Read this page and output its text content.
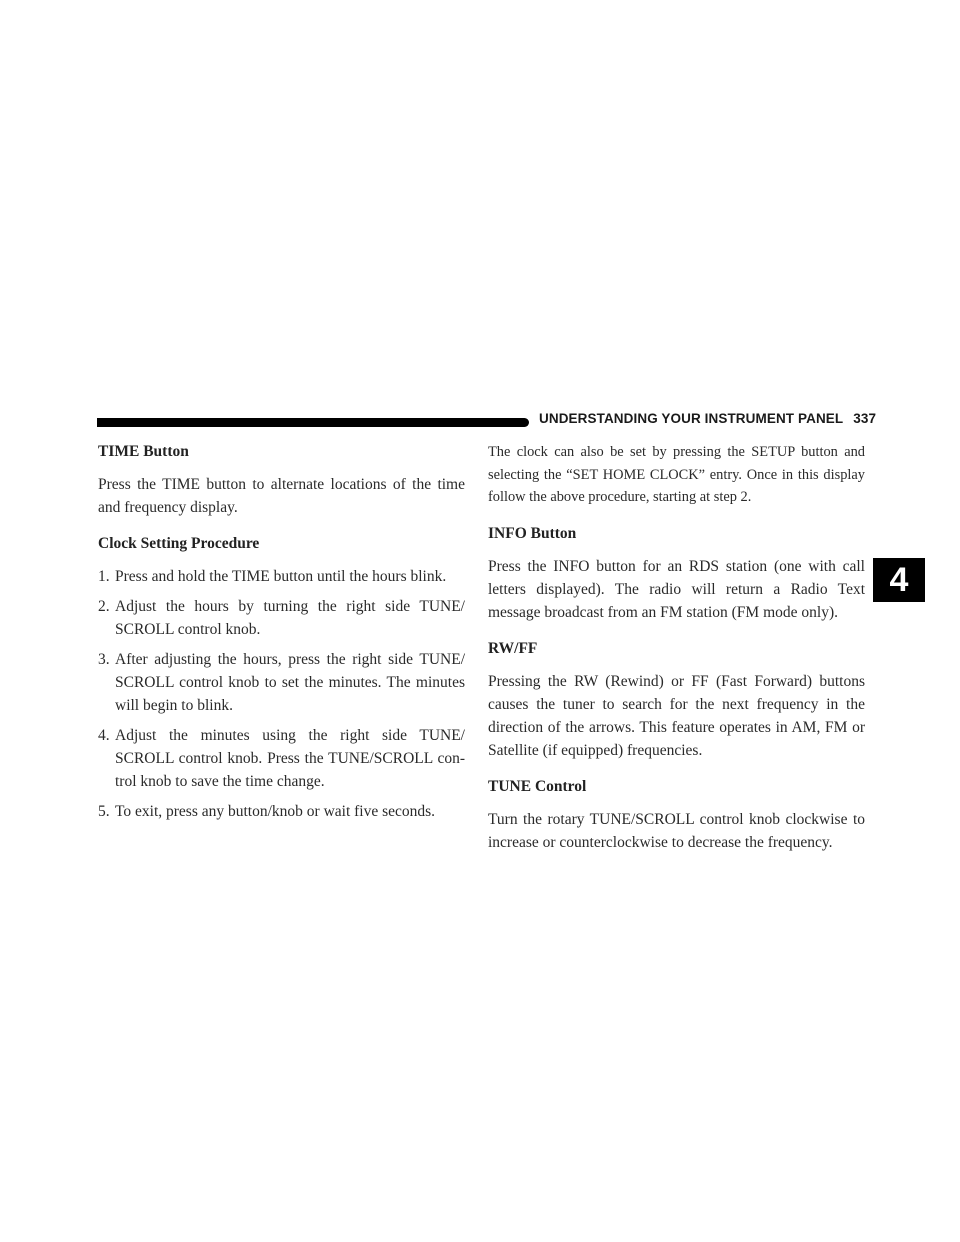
UNDERSTANDING YOUR INSTRUMENT PANEL 337
4
TIME Button

Press the TIME button to alternate locations of the time and frequency display.

Clock Setting Procedure

1. Press and hold the TIME button until the hours blink.

2. Adjust the hours by turning the right side TUNE/ SCROLL control knob.

3. After adjusting the hours, press the right side TUNE/ SCROLL control knob to set the minutes. The minutes will begin to blink.

4. Adjust the minutes using the right side TUNE/ SCROLL control knob. Press the TUNE/SCROLL con- trol knob to save the time change.

5. To exit, press any button/knob or wait five seconds.

The clock can also be set by pressing the SETUP button and selecting the “SET HOME CLOCK” entry. Once in this display follow the above procedure, starting at step 2.

INFO Button

Press the INFO button for an RDS station (one with call letters displayed). The radio will return a Radio Text message broadcast from an FM station (FM mode only).

RW/FF

Pressing the RW (Rewind) or FF (Fast Forward) buttons causes the tuner to search for the next frequency in the direction of the arrows. This feature operates in AM, FM or Satellite (if equipped) frequencies.

TUNE Control

Turn the rotary TUNE/SCROLL control knob clockwise to increase or counterclockwise to decrease the frequency.
